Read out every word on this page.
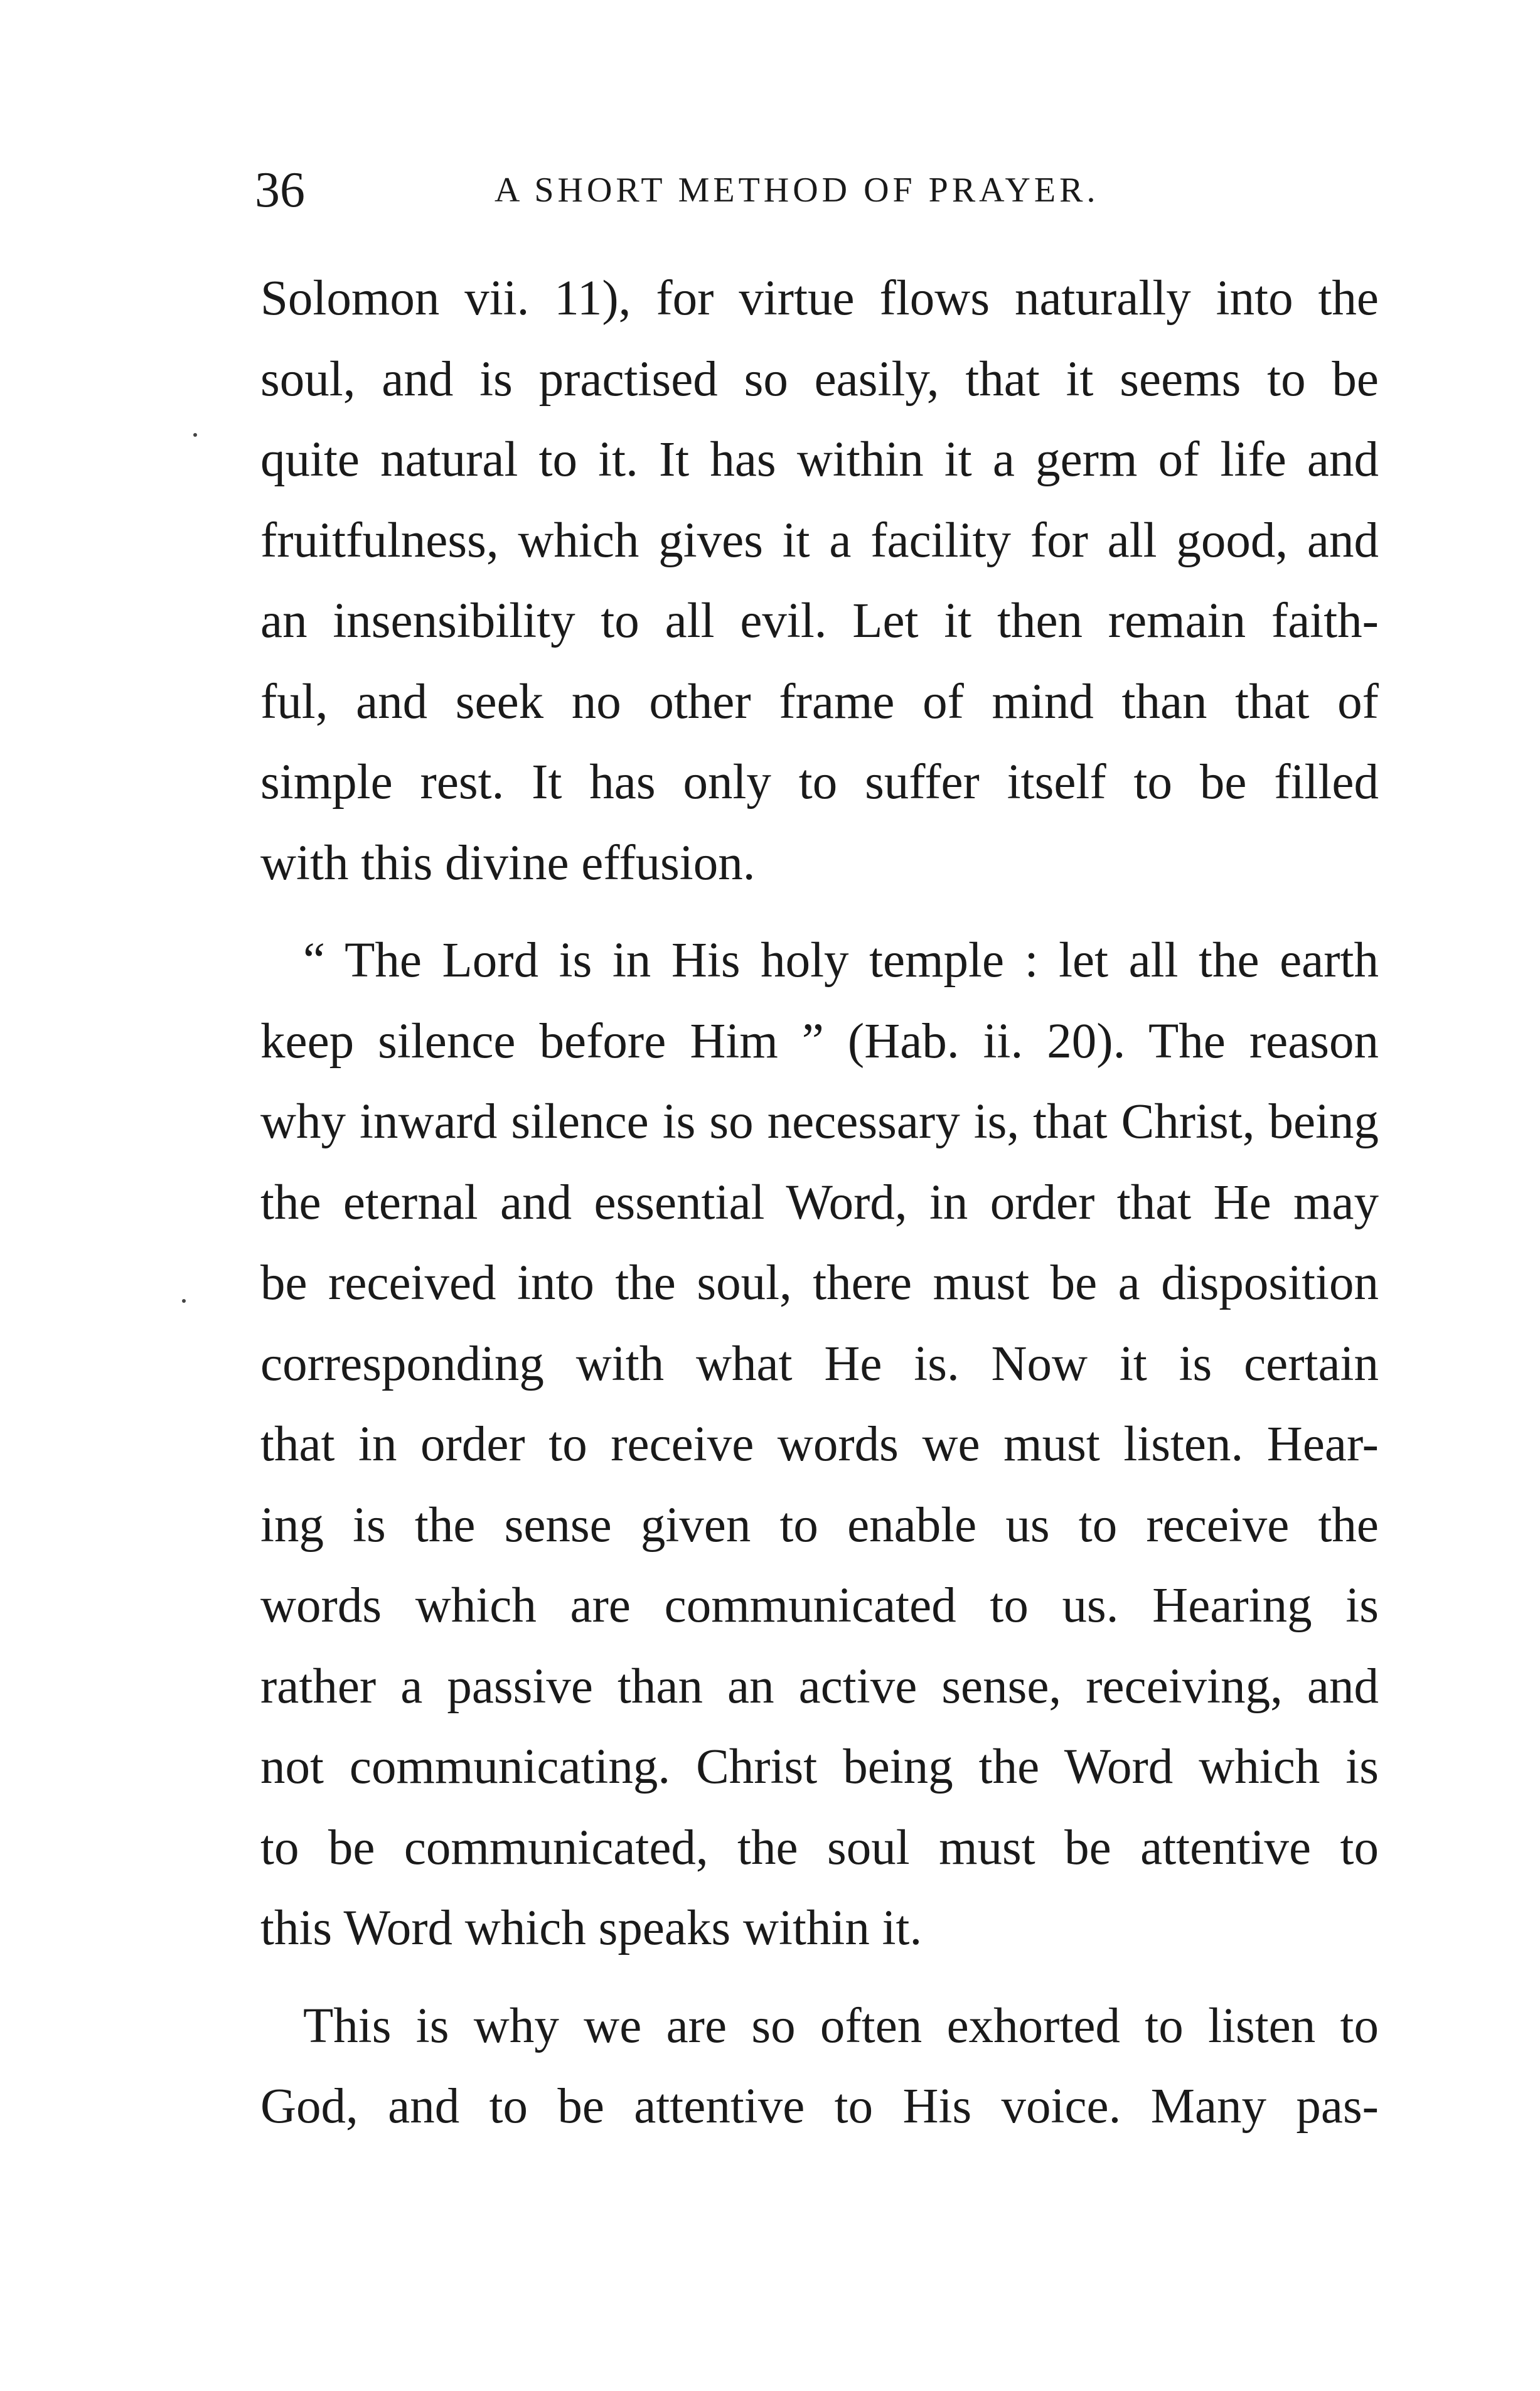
36	A SHORT METHOD OF PRAYER.
Solomon vii. 11), for virtue flows naturally into the
soul, and is practised so easily, that it seems to be
quite natural to it. It has within it a germ of life and
fruitfulness, which gives it a facility for all good, and
an insensibility to all evil. Let it then remain faith-
ful, and seek no other frame of mind than that of
simple rest. It has only to suffer itself to be filled
with this divine effusion.
“ The Lord is in His holy temple : let all the earth
keep silence before Him ” (Hab. ii. 20). The reason
why inward silence is so necessary is, that Christ, being
the eternal and essential Word, in order that He may
be received into the soul, there must be a disposition
corresponding with what He is. Now it is certain
that in order to receive words we must listen. Hear-
ing is the sense given to enable us to receive the
words which are communicated to us. Hearing is
rather a passive than an active sense, receiving, and
not communicating. Christ being the Word which is
to be communicated, the soul must be attentive to
this Word which speaks within it.
This is why we are so often exhorted to listen to
God, and to be attentive to His voice. Many pas-
